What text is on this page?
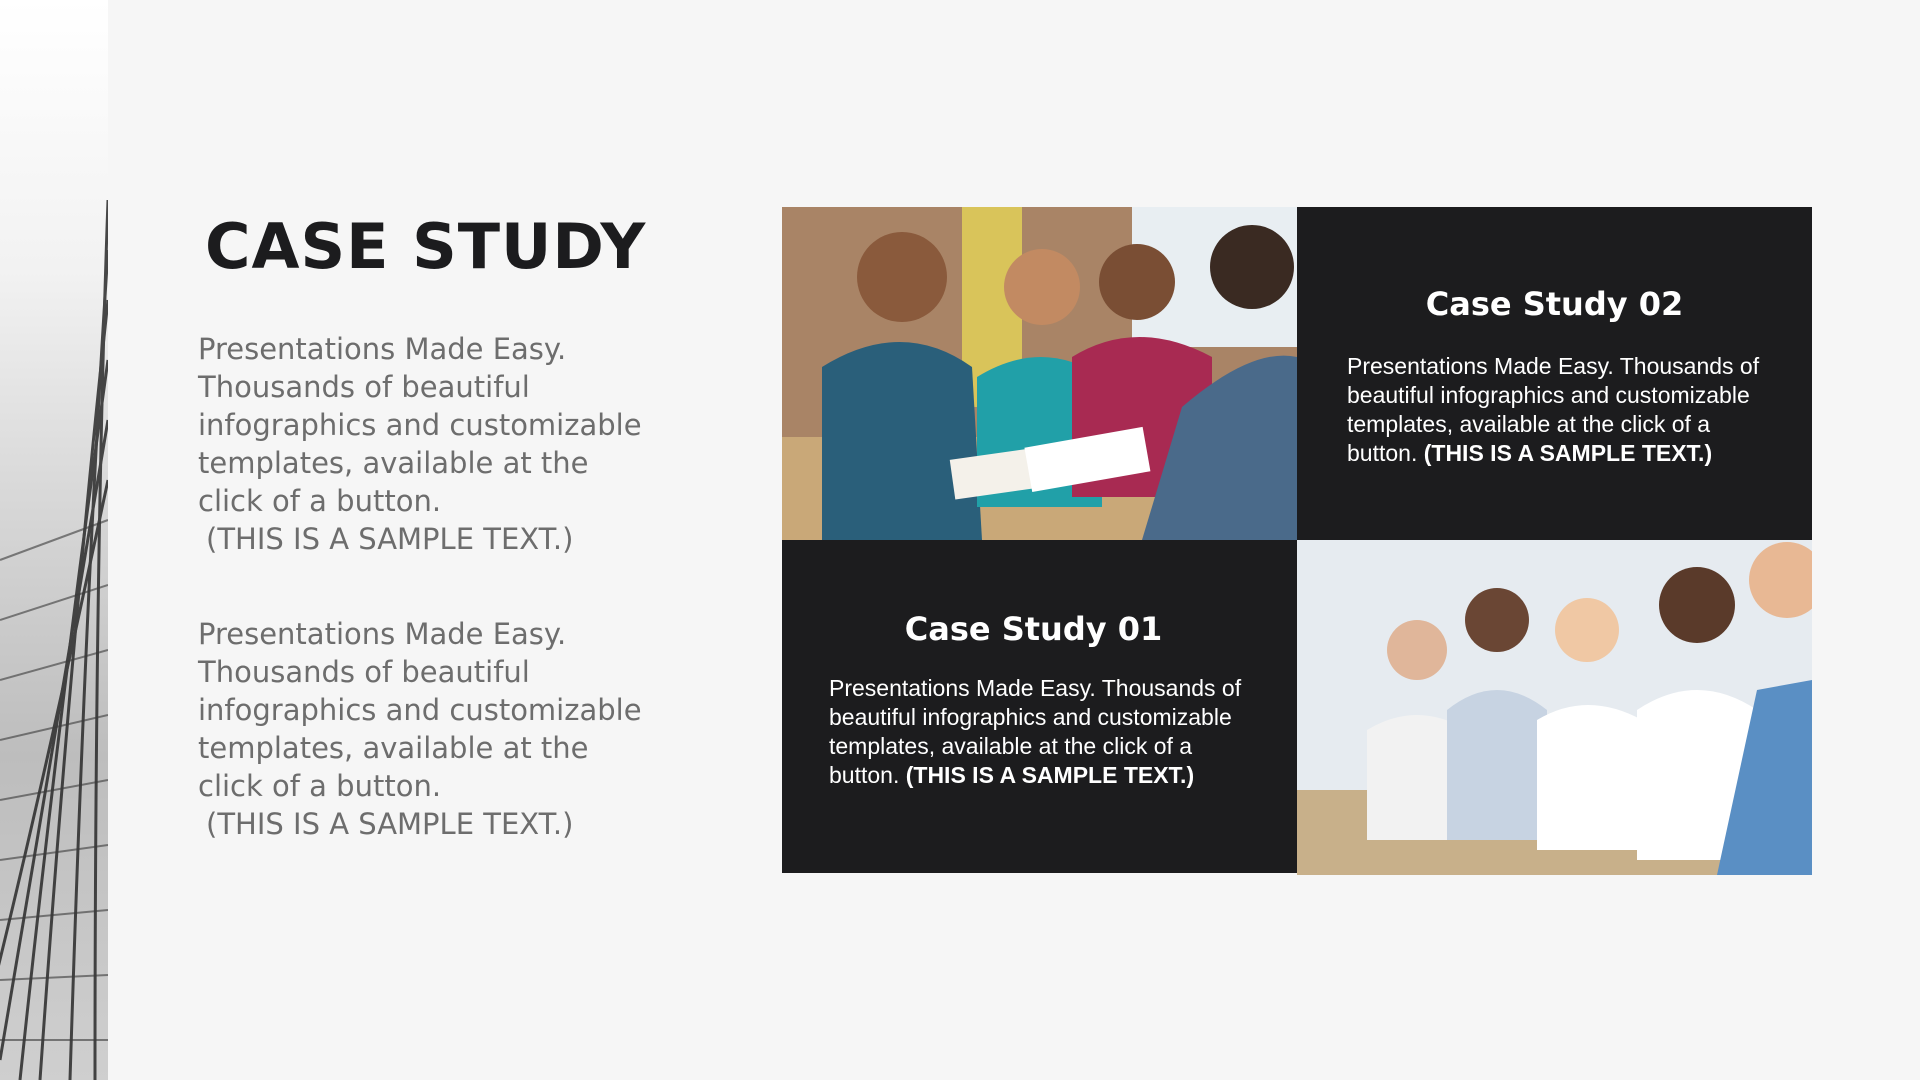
CASE STUDY
Presentations Made Easy. Thousands of beautiful infographics and customizable templates, available at the click of a button.
(THIS IS A SAMPLE TEXT.)
Presentations Made Easy. Thousands of beautiful infographics and customizable templates, available at the click of a button.
(THIS IS A SAMPLE TEXT.)
Case Study 02

Presentations Made Easy. Thousands of beautiful infographics and customizable templates, available at the click of a button. (THIS IS A SAMPLE TEXT.)

Case Study 01

Presentations Made Easy. Thousands of beautiful infographics and customizable templates, available at the click of a button. (THIS IS A SAMPLE TEXT.)
